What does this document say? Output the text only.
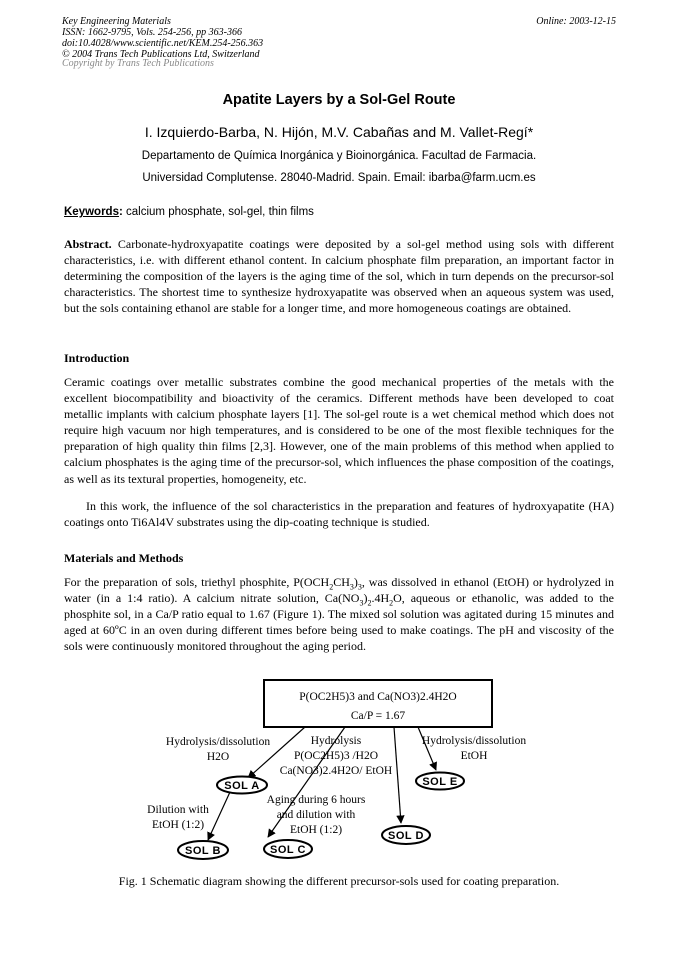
Key Engineering Materials
ISSN: 1662-9795, Vols. 254-256, pp 363-366
doi:10.4028/www.scientific.net/KEM.254-256.363
© 2004 Trans Tech Publications Ltd, Switzerland
Online: 2003-12-15
Copyright by Trans Tech Publications
Apatite Layers by a Sol-Gel Route
I. Izquierdo-Barba, N. Hijón, M.V. Cabañas and M. Vallet-Regí*
Departamento de Química Inorgánica y Bioinorgánica. Facultad de Farmacia.
Universidad Complutense. 28040-Madrid. Spain. Email: ibarba@farm.ucm.es
Keywords: calcium phosphate, sol-gel, thin films

Abstract. Carbonate-hydroxyapatite coatings were deposited by a sol-gel method using sols with different characteristics, i.e. with different ethanol content. In calcium phosphate film preparation, an important factor in determining the composition of the layers is the aging time of the sol, which in turn depends on the precursor-sol characteristics. The shortest time to synthesize hydroxyapatite was observed when an aqueous system was used, but the sols containing ethanol are stable for a longer time, and more homogeneous coatings are obtained.

Introduction

Ceramic coatings over metallic substrates combine the good mechanical properties of the metals with the excellent biocompatibility and bioactivity of the ceramics. Different methods have been developed to coat metallic implants with calcium phosphate layers [1]. The sol-gel route is a wet chemical method which does not require high vacuum nor high temperatures, and is considered to be one of the most flexible techniques for the preparation of high quality thin films [2,3]. However, one of the main problems of this method when applied to calcium phosphates is the aging time of the precursor-sol, which influences the phase composition of the coatings, as well as its textural properties, homogeneity, etc.

In this work, the influence of the sol characteristics in the preparation and features of hydroxyapatite (HA) coatings onto Ti6Al4V substrates using the dip-coating technique is studied.

Materials and Methods

For the preparation of sols, triethyl phosphite, $P(OCH_2CH_3)_3$, was dissolved in ethanol (EtOH) or hydrolyzed in water (in a 1:4 ratio). A calcium nitrate solution, $Ca(NO_3)_2.4H_2O$, aqueous or ethanolic, was added to the phosphite sol, in a Ca/P ratio equal to 1.67 (Figure 1). The mixed sol solution was agitated during 15 minutes and aged at 60ºC in an oven during different times before being used to make coatings. The pH and viscosity of the sols were continuously monitored throughout the aging period.

P(OC2H5)3 and Ca(NO3)2.4H2O
Ca/P = 1.67
Hydrolysis/dissolution
H2O
Hydrolysis
P(OC2H5)3 /H2O
Ca(NO3)2.4H2O/ EtOH
Hydrolysis/dissolution
EtOH
Dilution with
EtOH (1:2)
Aging during 6 hours
and dilution with
EtOH (1:2)
SOL A	SOL E
SOL B	SOL C
SOL D
Fig. 1 Schematic diagram showing the different precursor-sols used for coating preparation.
